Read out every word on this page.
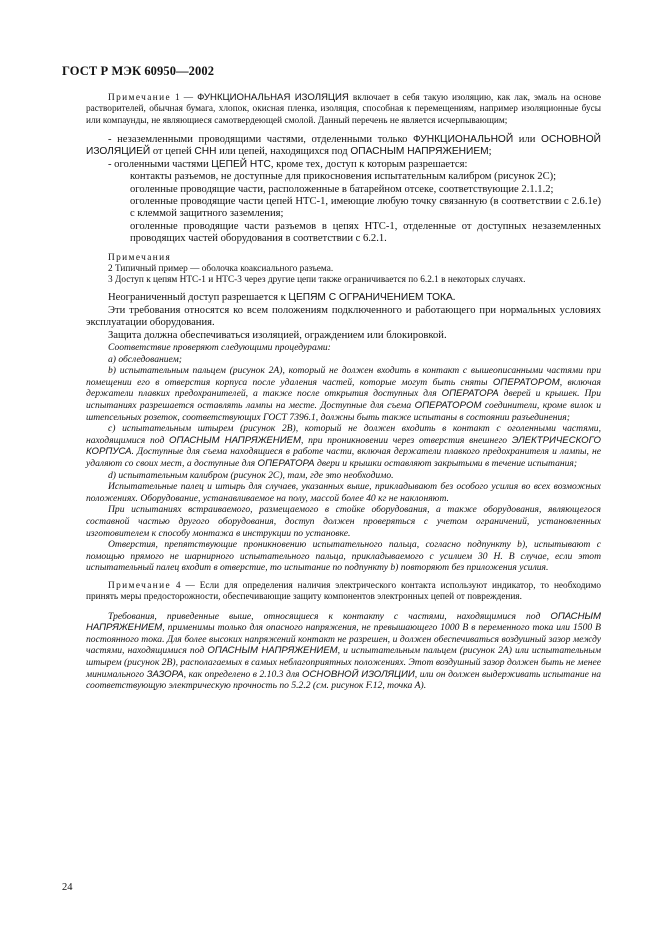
ГОСТ Р МЭК 60950—2002

Примечание 1 — ФУНКЦИОНАЛЬНАЯ ИЗОЛЯЦИЯ включает в себя такую изоляцию, как лак, эмаль на основе растворителей, обычная бумага, хлопок, окисная пленка, изоляция, способная к перемещениям, например изоляционные бусы или компаунды, не являющиеся самотвердеющей смолой. Данный перечень не является исчерпывающим;

- незаземленными проводящими частями, отделенными только ФУНКЦИОНАЛЬНОЙ или ОСНОВНОЙ ИЗОЛЯЦИЕЙ от цепей СНН или цепей, находящихся под ОПАСНЫМ НАПРЯЖЕНИЕМ;

- оголенными частями ЦЕПЕЙ НТС, кроме тех, доступ к которым разрешается:

контакты разъемов, не доступные для прикосновения испытательным калибром (рисунок 2С);

оголенные проводящие части, расположенные в батарейном отсеке, соответствующие 2.1.1.2;

оголенные проводящие части цепей НТС-1, имеющие любую точку связанную (в соответствии с 2.6.1е) с клеммой защитного заземления;

оголенные проводящие части разъемов в цепях НТС-1, отделенные от доступных незаземленных проводящих частей оборудования в соответствии с 6.2.1.

Примечания

2 Типичный пример — оболочка коаксиального разъема.

3 Доступ к цепям НТС-1 и НТС-3 через другие цепи также ограничивается по 6.2.1 в некоторых случаях.

Неограниченный доступ разрешается к ЦЕПЯМ С ОГРАНИЧЕНИЕМ ТОКА.

Эти требования относятся ко всем положениям подключенного и работающего при нормальных условиях эксплуатации оборудования.

Защита должна обеспечиваться изоляцией, ограждением или блокировкой.

Соответствие проверяют следующими процедурами:

а) обследованием;

b) испытательным пальцем (рисунок 2А), который не должен входить в контакт с вышеописанными частями при помещении его в отверстия корпуса после удаления частей, которые могут быть сняты ОПЕРАТОРОМ, включая держатели плавких предохранителей, а также после открытия доступных для ОПЕРАТОРА дверей и крышек. При испытаниях разрешается оставлять лампы на месте. Доступные для съема ОПЕРАТОРОМ соединители, кроме вилок и штепсельных розеток, соответствующих ГОСТ 7396.1, должны быть также испытаны в состоянии разъединения;

с) испытательным штырем (рисунок 2В), который не должен входить в контакт с оголенными частями, находящимися под ОПАСНЫМ НАПРЯЖЕНИЕМ, при проникновении через отверстия внешнего ЭЛЕКТРИЧЕСКОГО КОРПУСА. Доступные для съема находящиеся в работе части, включая держатели плавкого предохранителя и лампы, не удаляют со своих мест, а доступные для ОПЕРАТОРА двери и крышки оставляют закрытыми в течение испытания;

d) испытательным калибром (рисунок 2С), там, где это необходимо.

Испытательные палец и штырь для случаев, указанных выше, прикладывают без особого усилия во всех возможных положениях. Оборудование, устанавливаемое на полу, массой более 40 кг не наклоняют.

При испытаниях встраиваемого, размещаемого в стойке оборудования, а также оборудования, являющегося составной частью другого оборудования, доступ должен проверяться с учетом ограничений, установленных изготовителем к способу монтажа в инструкции по установке.

Отверстия, препятствующие проникновению испытательного пальца, согласно подпункту b), испытывают с помощью прямого не шарнирного испытательного пальца, прикладываемого с усилием 30 Н. В случае, если этот испытательный палец входит в отверстие, то испытание по подпункту b) повторяют без приложения усилия.

Примечание 4 — Если для определения наличия электрического контакта используют индикатор, то необходимо принять меры предосторожности, обеспечивающие защиту компонентов электронных цепей от повреждения.

Требования, приведенные выше, относящиеся к контакту с частями, находящимися под ОПАСНЫМ НАПРЯЖЕНИЕМ, применимы только для опасного напряжения, не превышающего 1000 В в переменного тока или 1500 В постоянного тока. Для более высоких напряжений контакт не разрешен, и должен обеспечиваться воздушный зазор между частями, находящимися под ОПАСНЫМ НАПРЯЖЕНИЕМ, и испытательным пальцем (рисунок 2А) или испытательным штырем (рисунок 2В), располагаемых в самых неблагоприятных положениях. Этот воздушный зазор должен быть не менее минимального ЗАЗОРА, как определено в 2.10.3 для ОСНОВНОЙ ИЗОЛЯЦИИ, или он должен выдерживать испытание на соответствующую электрическую прочность по 5.2.2 (см. рисунок F.12, точка А).

24
